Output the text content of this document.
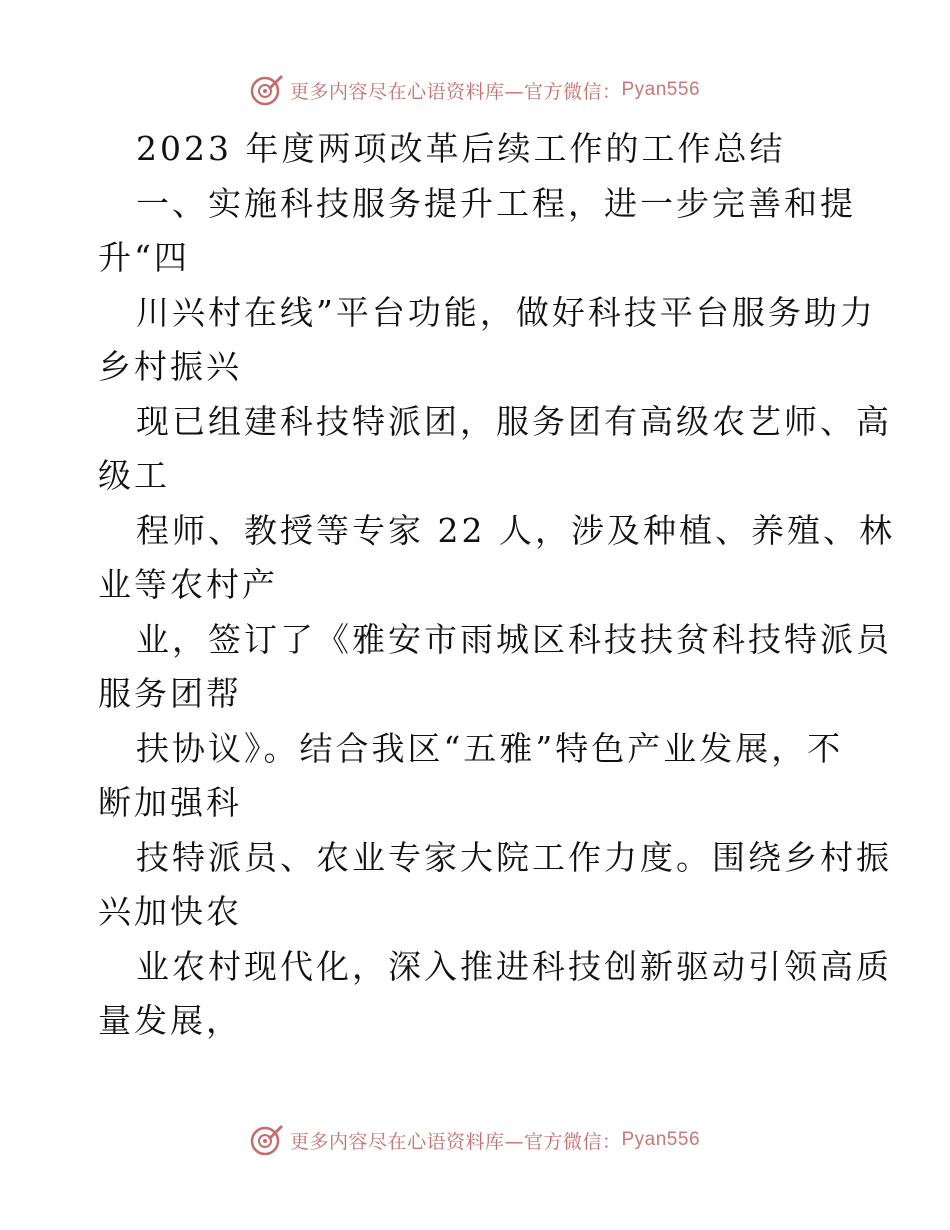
更多内容尽在心语资料库—官方微信： Pyan556
2023 年度两项改革后续工作的工作总结
一、实施科技服务提升工程，进一步完善和提
升“四
川兴村在线”平台功能，做好科技平台服务助力
乡村振兴
现已组建科技特派团，服务团有高级农艺师、高
级工
程师、教授等专家 22 人，涉及种植、养殖、林
业等农村产
业，签订了《雅安市雨城区科技扶贫科技特派员
服务团帮
扶协议》。结合我区“五雅”特色产业发展，不
断加强科
技特派员、农业专家大院工作力度。围绕乡村振
兴加快农
业农村现代化，深入推进科技创新驱动引领高质
量发展，
更多内容尽在心语资料库—官方微信： Pyan556
